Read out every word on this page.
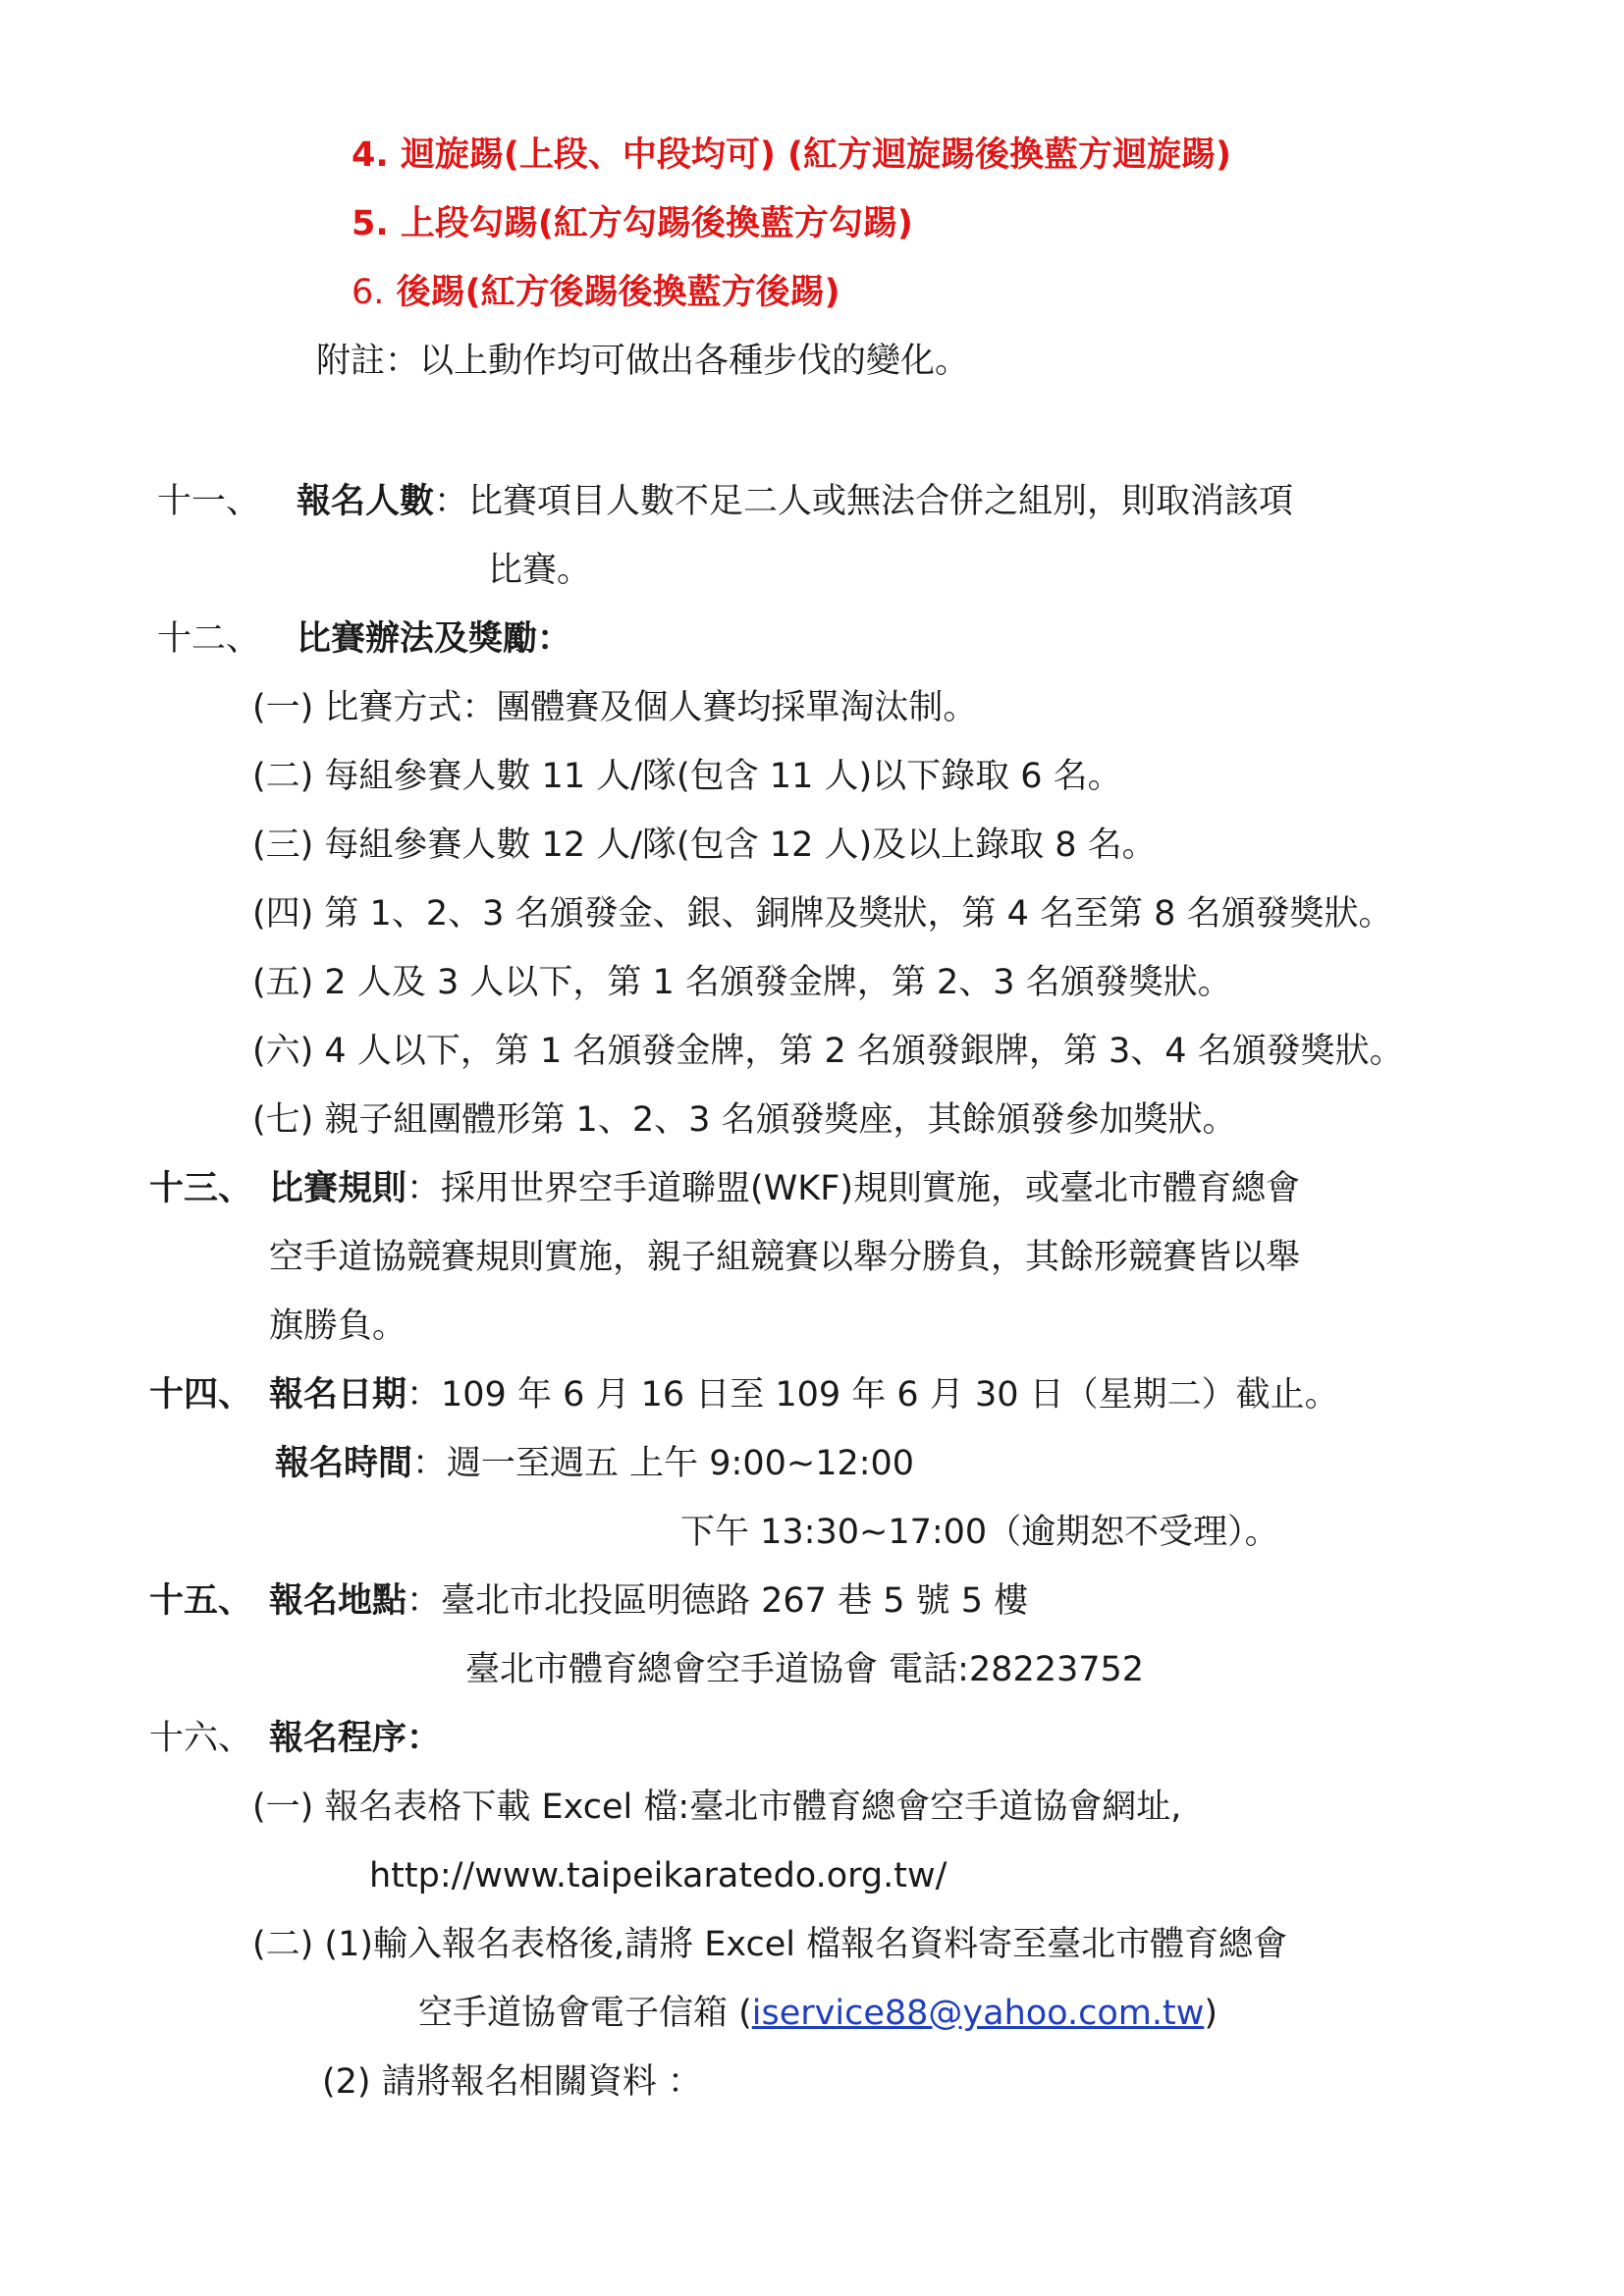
4. 迴旋踢(上段、中段均可) (紅方迴旋踢後換藍方迴旋踢)
5. 上段勾踢(紅方勾踢後換藍方勾踢)
6. 後踢(紅方後踢後換藍方後踢)
附註：以上動作均可做出各種步伐的變化。
十一、 報名人數：比賽項目人數不足二人或無法合併之組別，則取消該項
比賽。
十二、 比賽辦法及獎勵：
(一) 比賽方式：團體賽及個人賽均採單淘汰制。
(二) 每組參賽人數 11 人/隊(包含 11 人)以下錄取 6 名。
(三) 每組參賽人數 12 人/隊(包含 12 人)及以上錄取 8 名。
(四) 第 1、2、3 名頒發金、銀、銅牌及獎狀，第 4 名至第 8 名頒發獎狀。
(五) 2 人及 3 人以下，第 1 名頒發金牌，第 2、3 名頒發獎狀。
(六) 4 人以下，第 1 名頒發金牌，第 2 名頒發銀牌，第 3、4 名頒發獎狀。
(七) 親子組團體形第 1、2、3 名頒發獎座，其餘頒發參加獎狀。
十三、 比賽規則：採用世界空手道聯盟(WKF)規則實施，或臺北市體育總會
空手道協競賽規則實施，親子組競賽以舉分勝負，其餘形競賽皆以舉
旗勝負。
十四、 報名日期：109 年 6 月 16 日至 109 年 6 月 30 日（星期二）截止。
報名時間：週一至週五 上午 9:00~12:00
下午 13:30~17:00（逾期恕不受理）。
十五、 報名地點：臺北市北投區明德路 267 巷 5 號 5 樓
臺北市體育總會空手道協會 電話:28223752
十六、 報名程序：
(一) 報名表格下載 Excel 檔:臺北市體育總會空手道協會網址,
http://www.taipeikaratedo.org.tw/
(二) (1)輸入報名表格後,請將 Excel 檔報名資料寄至臺北市體育總會
空手道協會電子信箱 (iservice88@yahoo.com.tw)
(2) 請將報名相關資料 ：
